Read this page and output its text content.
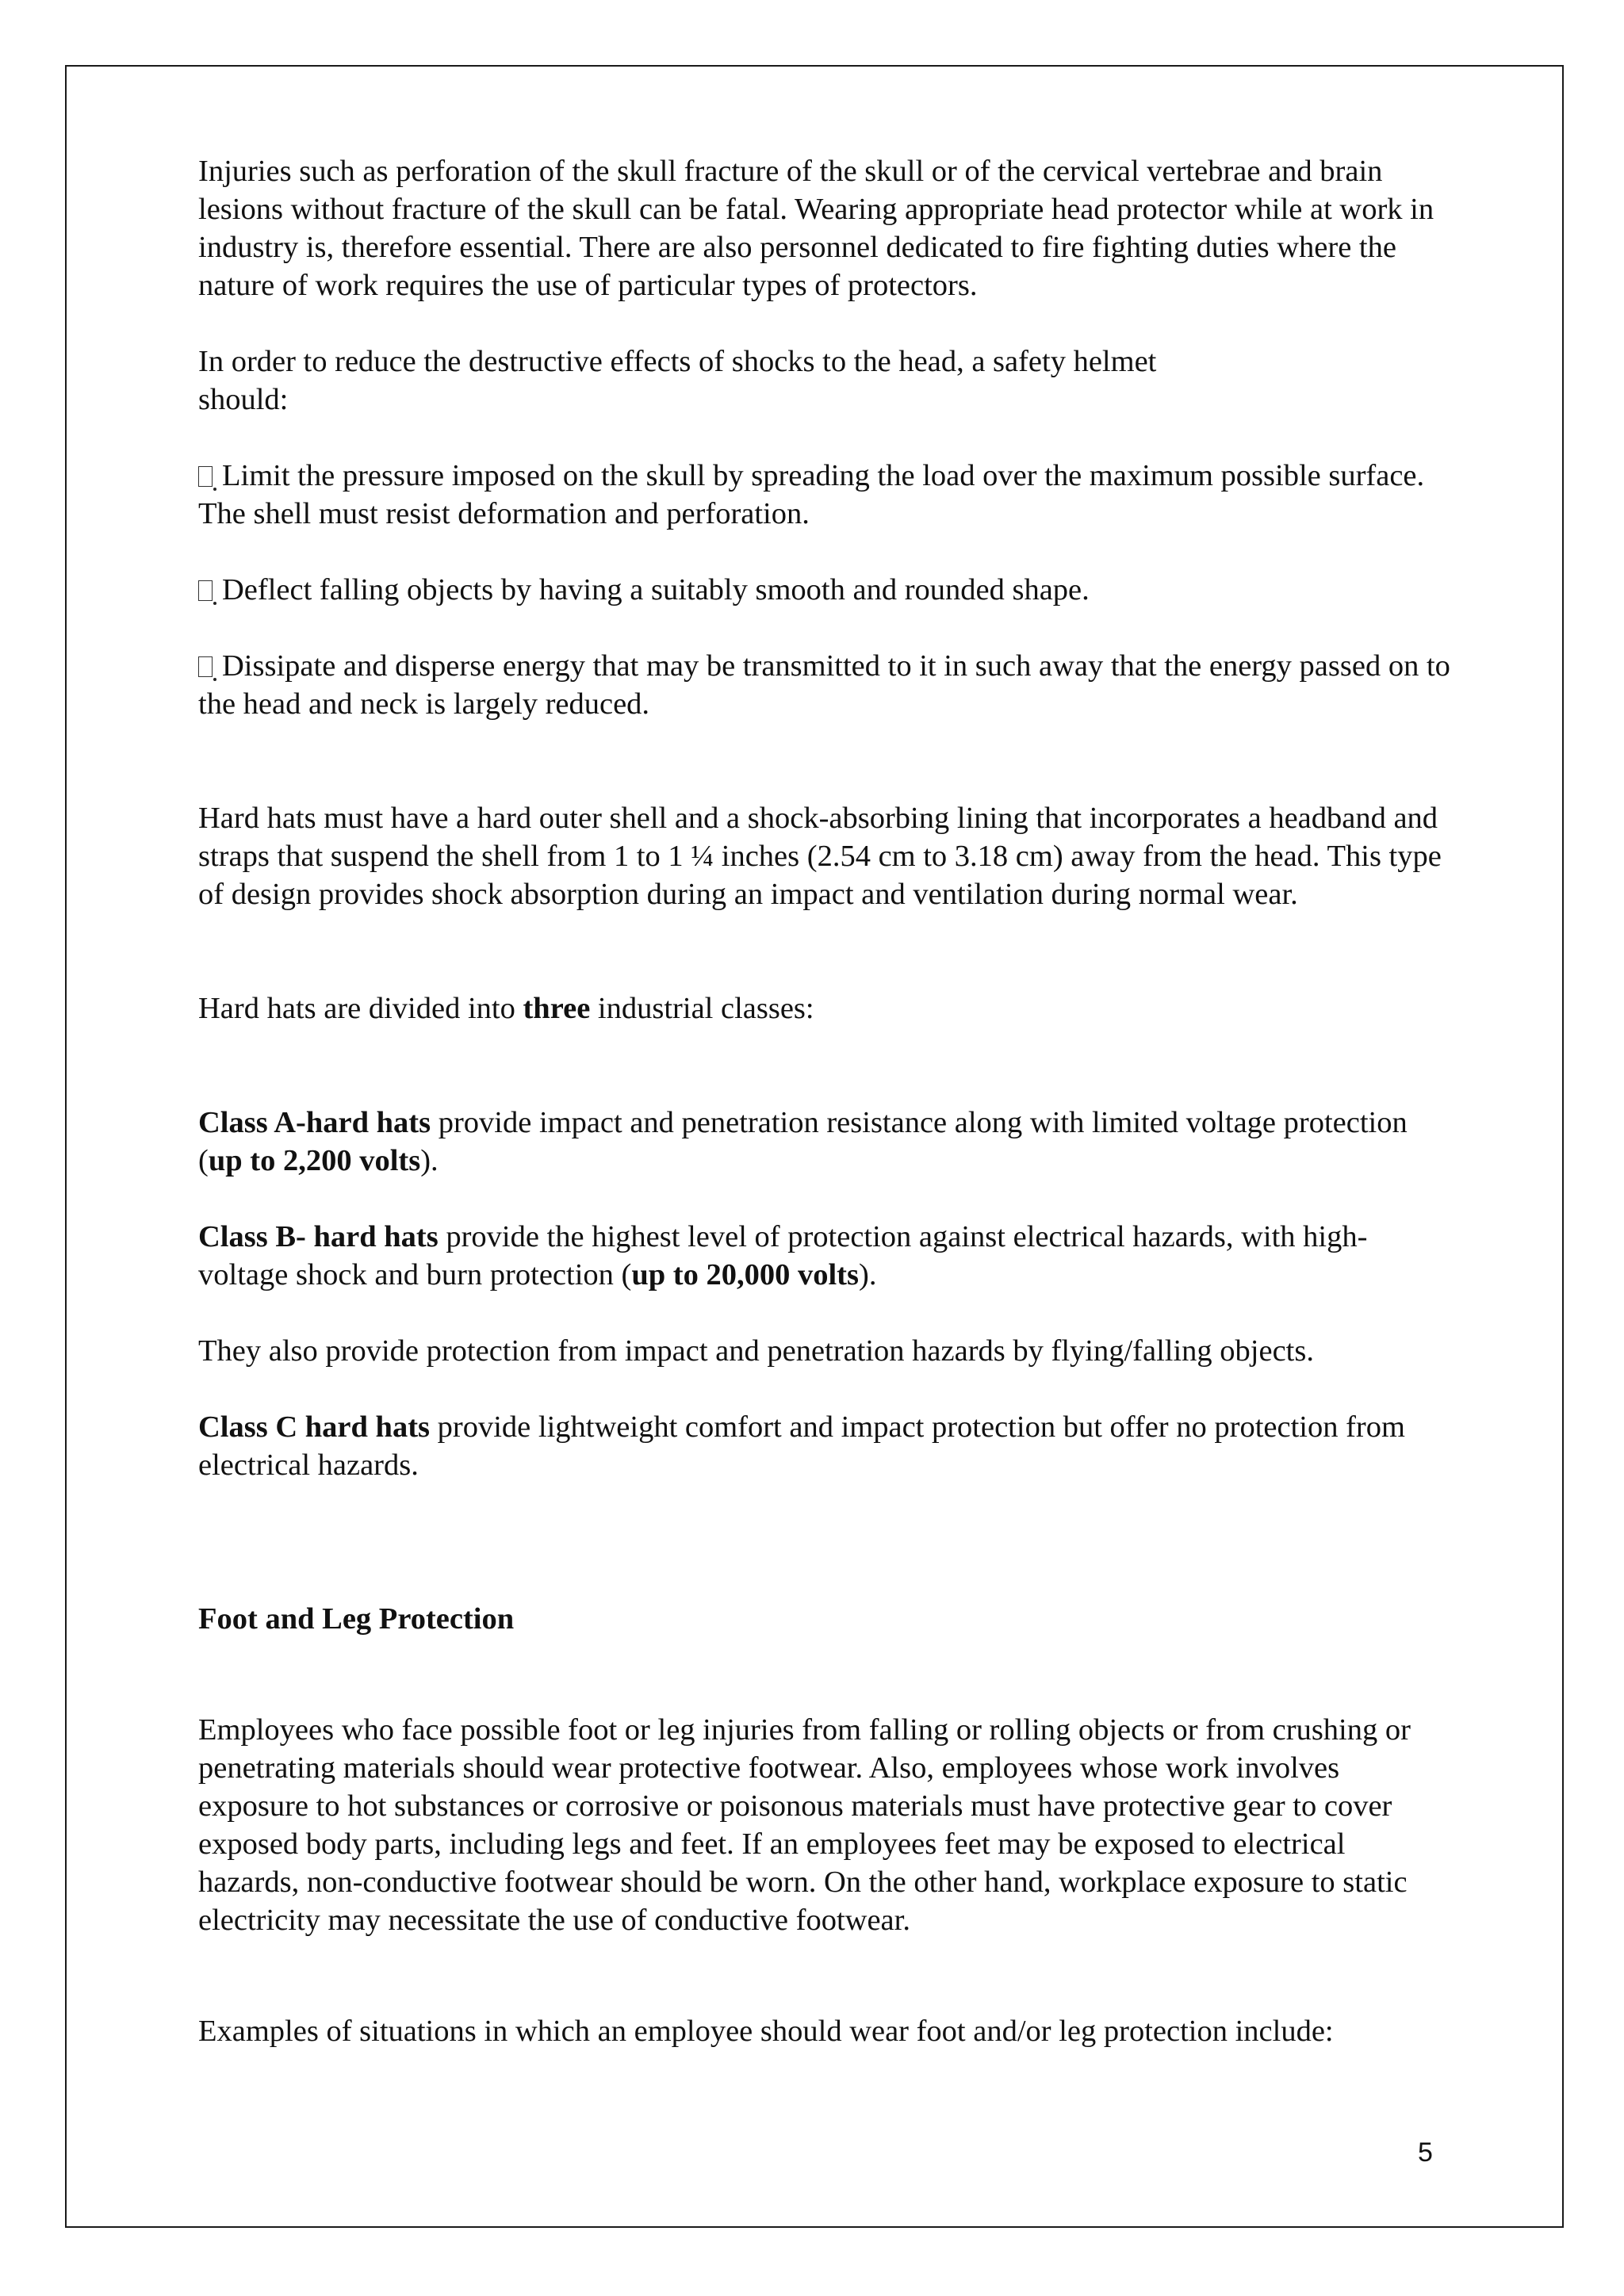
Injuries such as perforation of the skull fracture of the skull or of the cervical vertebrae and brain lesions without fracture of the skull can be fatal. Wearing appropriate head protector while at work in industry is, therefore essential. There are also personnel dedicated to fire fighting duties where the nature of work requires the use of particular types of protectors.

In order to reduce the destructive effects of shocks to the head, a safety helmet
should:

Limit the pressure imposed on the skull by spreading the load over the maximum possible surface. The shell must resist deformation and perforation.

Deflect falling objects by having a suitably smooth and rounded shape.

Dissipate and disperse energy that may be transmitted to it in such away that the energy passed on to the head and neck is largely reduced.

Hard hats must have a hard outer shell and a shock-absorbing lining that incorporates a headband and straps that suspend the shell from 1 to 1 ¼ inches (2.54 cm to 3.18 cm) away from the head. This type of design provides shock absorption during an impact and ventilation during normal wear.

Hard hats are divided into three industrial classes:

Class A-hard hats provide impact and penetration resistance along with limited voltage protection (up to 2,200 volts).

Class B- hard hats provide the highest level of protection against electrical hazards, with high-voltage shock and burn protection (up to 20,000 volts).

They also provide protection from impact and penetration hazards by flying/falling objects.

Class C hard hats provide lightweight comfort and impact protection but offer no protection from electrical hazards.

Foot and Leg Protection

Employees who face possible foot or leg injuries from falling or rolling objects or from crushing or penetrating materials should wear protective footwear. Also, employees whose work involves exposure to hot substances or corrosive or poisonous materials must have protective gear to cover exposed body parts, including legs and feet. If an employees feet may be exposed to electrical hazards, non-conductive footwear should be worn. On the other hand, workplace exposure to static electricity may necessitate the use of conductive footwear.

Examples of situations in which an employee should wear foot and/or leg protection include:

5
